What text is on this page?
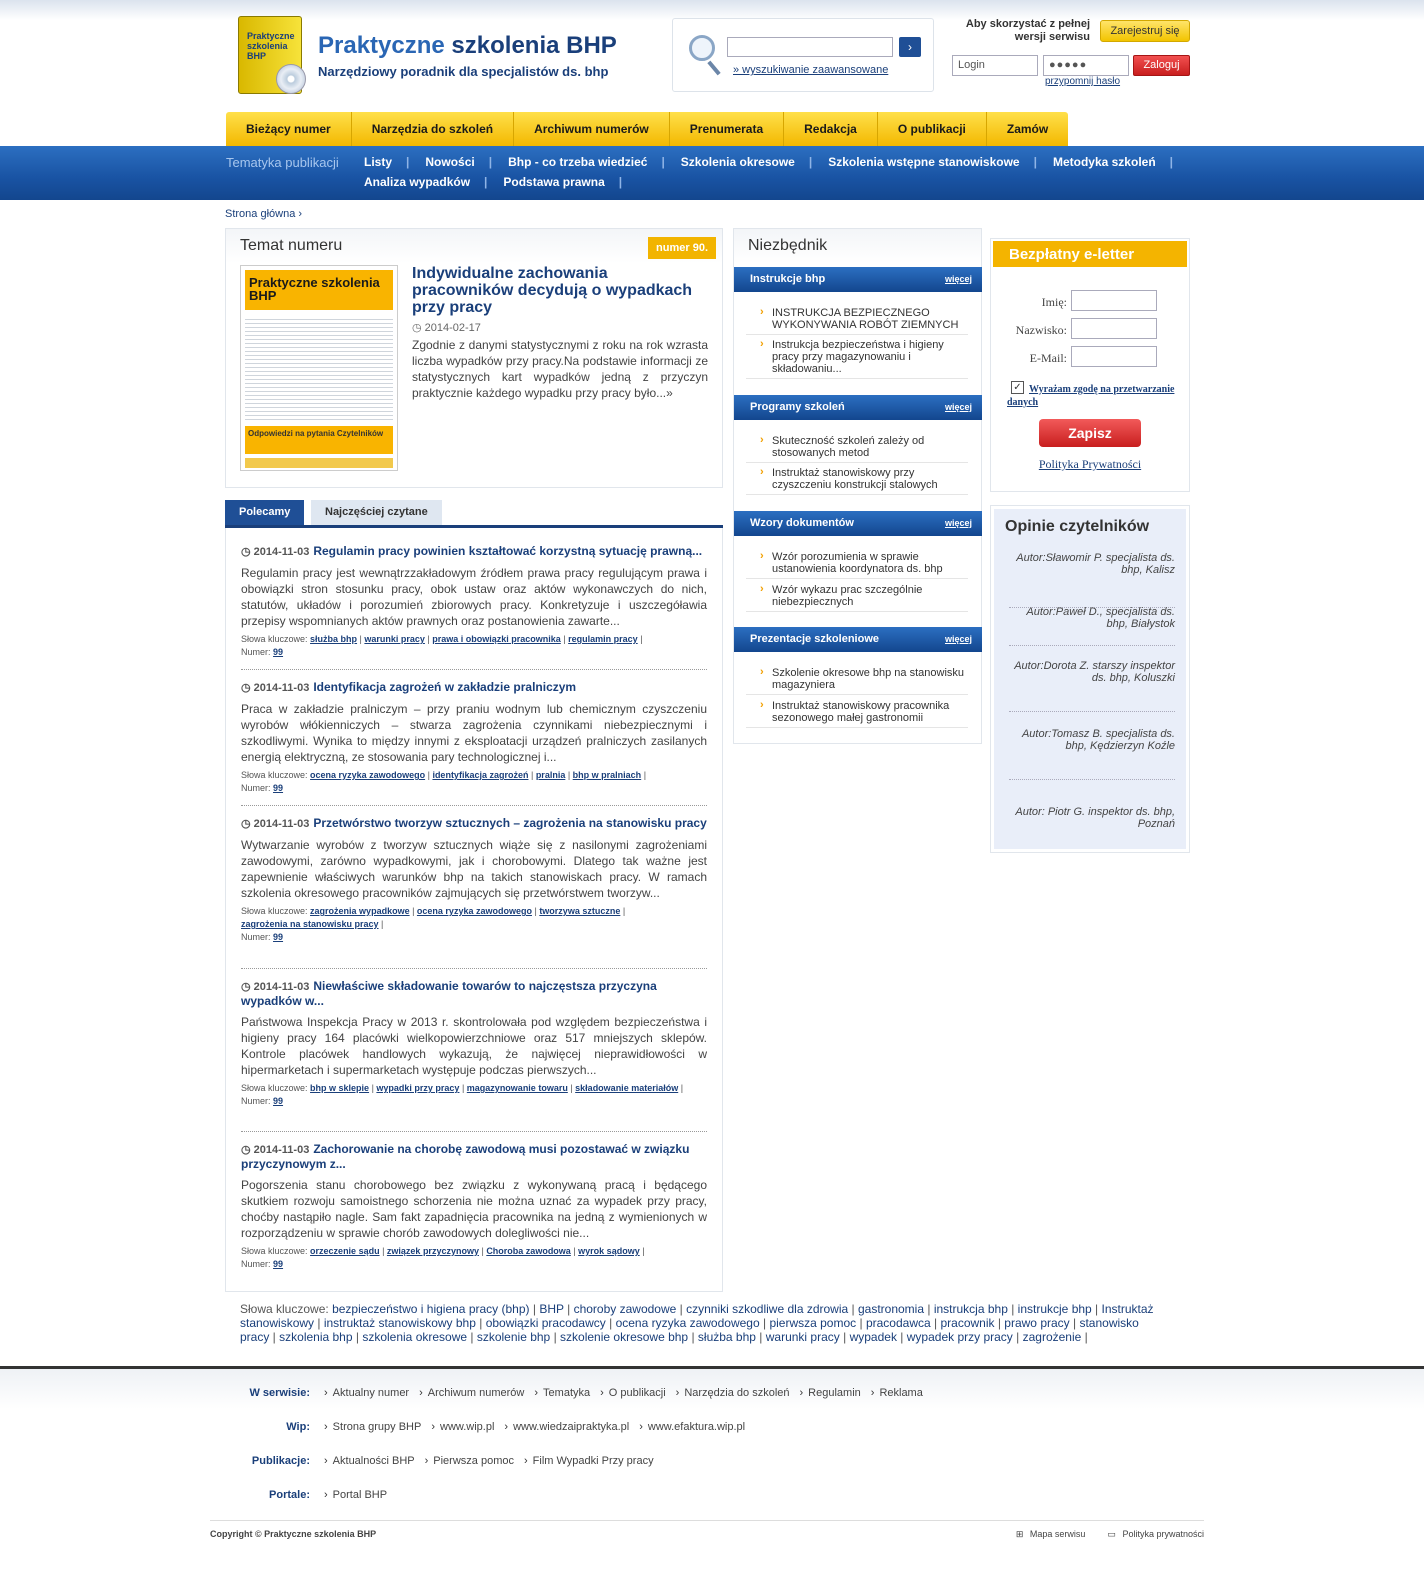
Praktyczne szkolenia BHP	Praktyczne szkolenia BHP
Narzędziowy poradnik dla specjalistów ds. bhp
›
» wyszukiwanie zaawansowane
Aby skorzystać z pełnej wersji serwisu	Zarejestruj się
Login	●●●●●	Zaloguj
przypomnij hasło
Bieżący numer	Narzędzia do szkoleń	Archiwum numerów	Prenumerata	Redakcja	O publikacji	Zamów
Tematyka publikacji Listy |	Nowości |	Bhp - co trzeba wiedzieć |	Szkolenia okresowe |	Szkolenia wstępne stanowiskowe |	Metodyka szkoleń |
Analiza wypadków |	Podstawa prawna |
Strona główna ›
Temat numeru	numer 90.
Praktyczne szkolenia BHP
Odpowiedzi na pytania Czytelników
Indywidualne zachowania pracowników decydują o wypadkach przy pracy
◷ 2014-02-17
Zgodnie z danymi statystycznymi z roku na rok wzrasta liczba wypadków przy pracy.Na podstawie informacji ze statystycznych kart wypadków jedną z przyczyn praktycznie każdego wypadku przy pracy było...»
Polecamy	Najczęściej czytane
◷ 2014-11-03 Regulamin pracy powinien kształtować korzystną sytuację prawną...
Regulamin pracy jest wewnątrzzakładowym źródłem prawa pracy regulującym prawa i obowiązki stron stosunku pracy, obok ustaw oraz aktów wykonawczych do nich, statutów, układów i porozumień zbiorowych pracy. Konkretyzuje i uszczegóławia przepisy wspomnianych aktów prawnych oraz postanowienia zawarte...
Słowa kluczowe: służba bhp | warunki pracy | prawa i obowiązki pracownika | regulamin pracy |
Numer: 99
◷ 2014-11-03 Identyfikacja zagrożeń w zakładzie pralniczym
Praca w zakładzie pralniczym – przy praniu wodnym lub chemicznym czyszczeniu wyrobów włókienniczych – stwarza zagrożenia czynnikami niebezpiecznymi i szkodliwymi. Wynika to między innymi z eksploatacji urządzeń pralniczych zasilanych energią elektryczną, ze stosowania pary technologicznej i...
Słowa kluczowe: ocena ryzyka zawodowego | identyfikacja zagrożeń | pralnia | bhp w pralniach |
Numer: 99
◷ 2014-11-03 Przetwórstwo tworzyw sztucznych – zagrożenia na stanowisku pracy
Wytwarzanie wyrobów z tworzyw sztucznych wiąże się z nasilonymi zagrożeniami zawodowymi, zarówno wypadkowymi, jak i chorobowymi. Dlatego tak ważne jest zapewnienie właściwych warunków bhp na takich stanowiskach pracy. W ramach szkolenia okresowego pracowników zajmujących się przetwórstwem tworzyw...
Słowa kluczowe: zagrożenia wypadkowe | ocena ryzyka zawodowego | tworzywa sztuczne |
zagrożenia na stanowisku pracy |
Numer: 99
◷ 2014-11-03 Niewłaściwe składowanie towarów to najczęstsza przyczyna wypadków w...
Państwowa Inspekcja Pracy w 2013 r. skontrolowała pod względem bezpieczeństwa i higieny pracy 164 placówki wielkopowierzchniowe oraz 517 mniejszych sklepów. Kontrole placówek handlowych wykazują, że najwięcej nieprawidłowości w hipermarketach i supermarketach występuje podczas pierwszych...
Słowa kluczowe: bhp w sklepie | wypadki przy pracy | magazynowanie towaru | składowanie materiałów |
Numer: 99
◷ 2014-11-03 Zachorowanie na chorobę zawodową musi pozostawać w związku przyczynowym z...
Pogorszenia stanu chorobowego bez związku z wykonywaną pracą i będącego skutkiem rozwoju samoistnego schorzenia nie można uznać za wypadek przy pracy, choćby nastąpiło nagle. Sam fakt zapadnięcia pracownika na jedną z wymienionych w rozporządzeniu w sprawie chorób zawodowych dolegliwości nie...
Słowa kluczowe: orzeczenie sądu | związek przyczynowy | Choroba zawodowa | wyrok sądowy |
Numer: 99
Niezbędnik
Instrukcje bhp	więcej
› INSTRUKCJA BEZPIECZNEGO WYKONYWANIA ROBÓT ZIEMNYCH
› Instrukcja bezpieczeństwa i higieny pracy przy magazynowaniu i składowaniu...
Programy szkoleń	więcej
› Skuteczność szkoleń zależy od stosowanych metod
› Instruktaż stanowiskowy przy czyszczeniu konstrukcji stalowych
Wzory dokumentów	więcej
› Wzór porozumienia w sprawie ustanowienia koordynatora ds. bhp
› Wzór wykazu prac szczególnie niebezpiecznych
Prezentacje szkoleniowe	więcej
› Szkolenie okresowe bhp na stanowisku magazyniera
› Instruktaż stanowiskowy pracownika sezonowego małej gastronomii
Bezpłatny e-letter
Imię:
Nazwisko:
E-Mail:
Wyrażam zgodę na przetwarzanie danych
✓
Zapisz
Polityka Prywatności
Opinie czytelników
Autor:Sławomir P. specjalista ds. bhp, Kalisz
Autor:Paweł D., specjalista ds. bhp, Białystok
Autor:Dorota Z. starszy inspektor ds. bhp, Koluszki
Autor:Tomasz B. specjalista ds. bhp, Kędzierzyn Koźle
Autor: Piotr G. inspektor ds. bhp, Poznań
Słowa kluczowe: bezpieczeństwo i higiena pracy (bhp) | BHP | choroby zawodowe | czynniki szkodliwe dla zdrowia | gastronomia | instrukcja bhp | instrukcje bhp | Instruktaż stanowiskowy | instruktaż stanowiskowy bhp | obowiązki pracodawcy | ocena ryzyka zawodowego | pierwsza pomoc | pracodawca | pracownik | prawo pracy | stanowisko pracy | szkolenia bhp | szkolenia okresowe | szkolenie bhp | szkolenie okresowe bhp | służba bhp | warunki pracy | wypadek | wypadek przy pracy | zagrożenie |
W serwisie:	› Aktualny numer	› Archiwum numerów	› Tematyka	› O publikacji	› Narzędzia do szkoleń	› Regulamin	› Reklama
Wip:	› Strona grupy BHP	› www.wip.pl	› www.wiedzaipraktyka.pl	› www.efaktura.wip.pl
Publikacje:	› Aktualności BHP	› Pierwsza pomoc	› Film Wypadki Przy pracy
Portale:	› Portal BHP
Copyright © Praktyczne szkolenia BHP	⊞ Mapa serwisu ▭ Polityka prywatności
